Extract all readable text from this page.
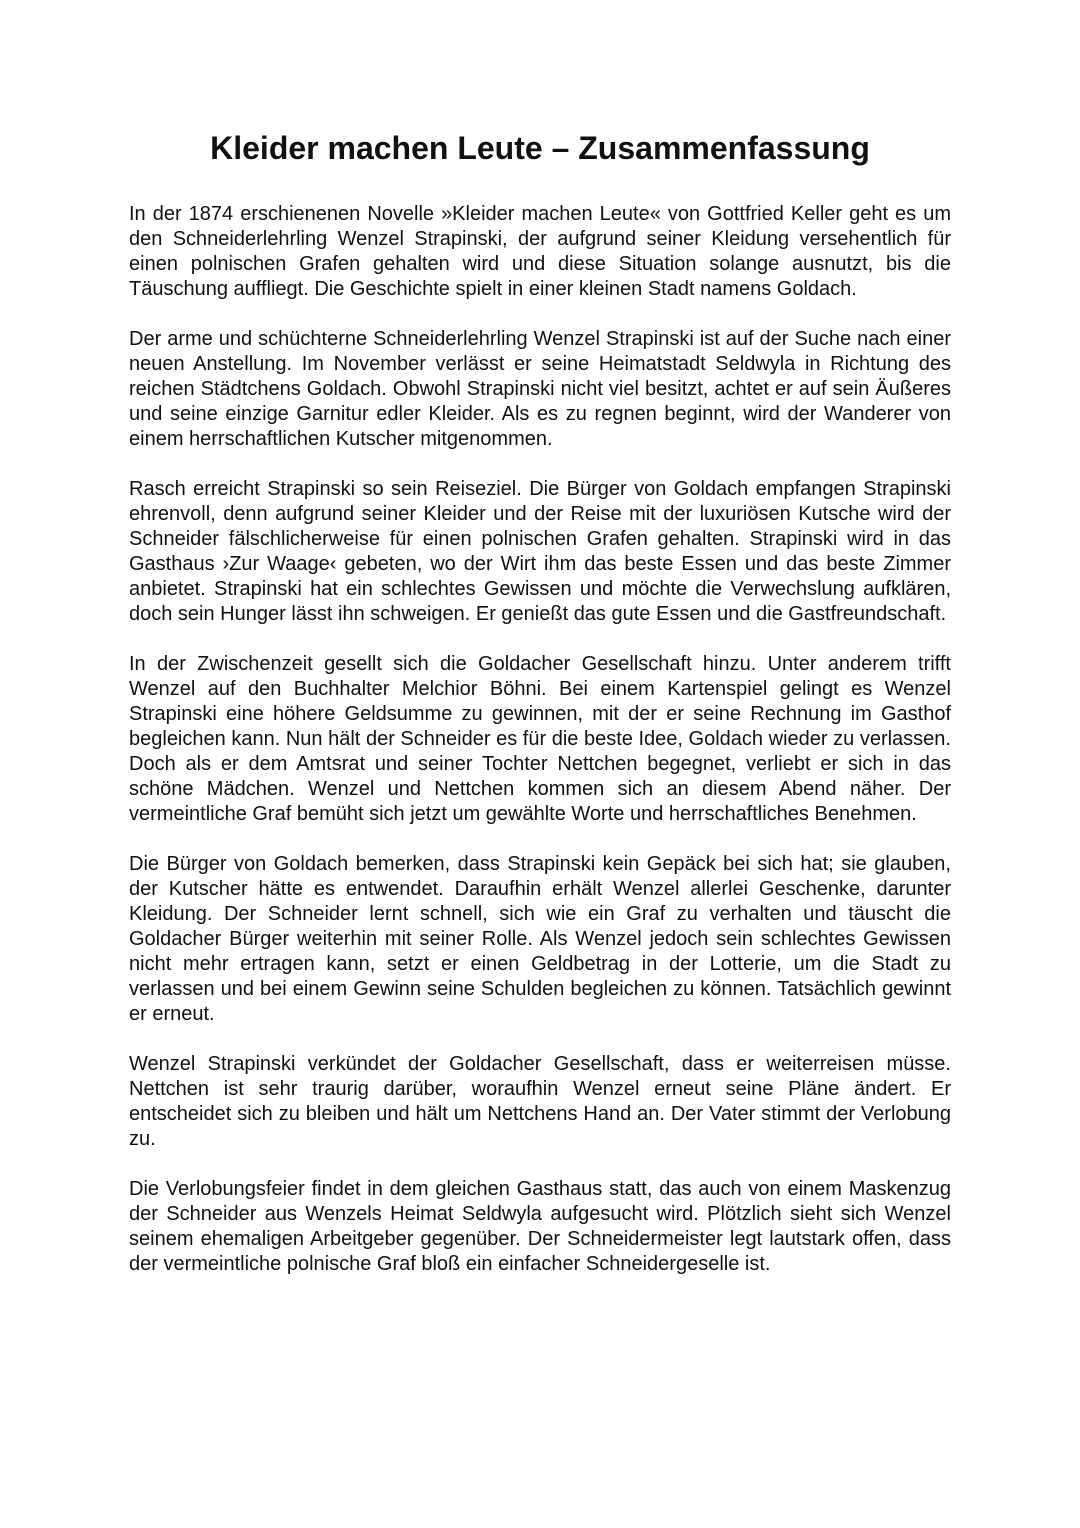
Kleider machen Leute – Zusammenfassung

In der 1874 erschienenen Novelle »Kleider machen Leute« von Gottfried Keller geht es um den Schneiderlehrling Wenzel Strapinski, der aufgrund seiner Kleidung versehentlich für einen polnischen Grafen gehalten wird und diese Situation solange ausnutzt, bis die Täuschung auffliegt. Die Geschichte spielt in einer kleinen Stadt namens Goldach.

Der arme und schüchterne Schneiderlehrling Wenzel Strapinski ist auf der Suche nach einer neuen Anstellung. Im November verlässt er seine Heimatstadt Seldwyla in Richtung des reichen Städtchens Goldach. Obwohl Strapinski nicht viel besitzt, achtet er auf sein Äußeres und seine einzige Garnitur edler Kleider. Als es zu regnen beginnt, wird der Wanderer von einem herrschaftlichen Kutscher mitgenommen.

Rasch erreicht Strapinski so sein Reiseziel. Die Bürger von Goldach empfangen Strapinski ehrenvoll, denn aufgrund seiner Kleider und der Reise mit der luxuriösen Kutsche wird der Schneider fälschlicherweise für einen polnischen Grafen gehalten. Strapinski wird in das Gasthaus ›Zur Waage‹ gebeten, wo der Wirt ihm das beste Essen und das beste Zimmer anbietet. Strapinski hat ein schlechtes Gewissen und möchte die Verwechslung aufklären, doch sein Hunger lässt ihn schweigen. Er genießt das gute Essen und die Gastfreundschaft.

In der Zwischenzeit gesellt sich die Goldacher Gesellschaft hinzu. Unter anderem trifft Wenzel auf den Buchhalter Melchior Böhni. Bei einem Kartenspiel gelingt es Wenzel Strapinski eine höhere Geldsumme zu gewinnen, mit der er seine Rechnung im Gasthof begleichen kann. Nun hält der Schneider es für die beste Idee, Goldach wieder zu verlassen. Doch als er dem Amtsrat und seiner Tochter Nettchen begegnet, verliebt er sich in das schöne Mädchen. Wenzel und Nettchen kommen sich an diesem Abend näher. Der vermeintliche Graf bemüht sich jetzt um gewählte Worte und herrschaftliches Benehmen.

Die Bürger von Goldach bemerken, dass Strapinski kein Gepäck bei sich hat; sie glauben, der Kutscher hätte es entwendet. Daraufhin erhält Wenzel allerlei Geschenke, darunter Kleidung. Der Schneider lernt schnell, sich wie ein Graf zu verhalten und täuscht die Goldacher Bürger weiterhin mit seiner Rolle. Als Wenzel jedoch sein schlechtes Gewissen nicht mehr ertragen kann, setzt er einen Geldbetrag in der Lotterie, um die Stadt zu verlassen und bei einem Gewinn seine Schulden begleichen zu können. Tatsächlich gewinnt er erneut.

Wenzel Strapinski verkündet der Goldacher Gesellschaft, dass er weiterreisen müsse. Nettchen ist sehr traurig darüber, woraufhin Wenzel erneut seine Pläne ändert. Er entscheidet sich zu bleiben und hält um Nettchens Hand an. Der Vater stimmt der Verlobung zu.

Die Verlobungsfeier findet in dem gleichen Gasthaus statt, das auch von einem Maskenzug der Schneider aus Wenzels Heimat Seldwyla aufgesucht wird. Plötzlich sieht sich Wenzel seinem ehemaligen Arbeitgeber gegenüber. Der Schneidermeister legt lautstark offen, dass der vermeintliche polnische Graf bloß ein einfacher Schneidergeselle ist.
